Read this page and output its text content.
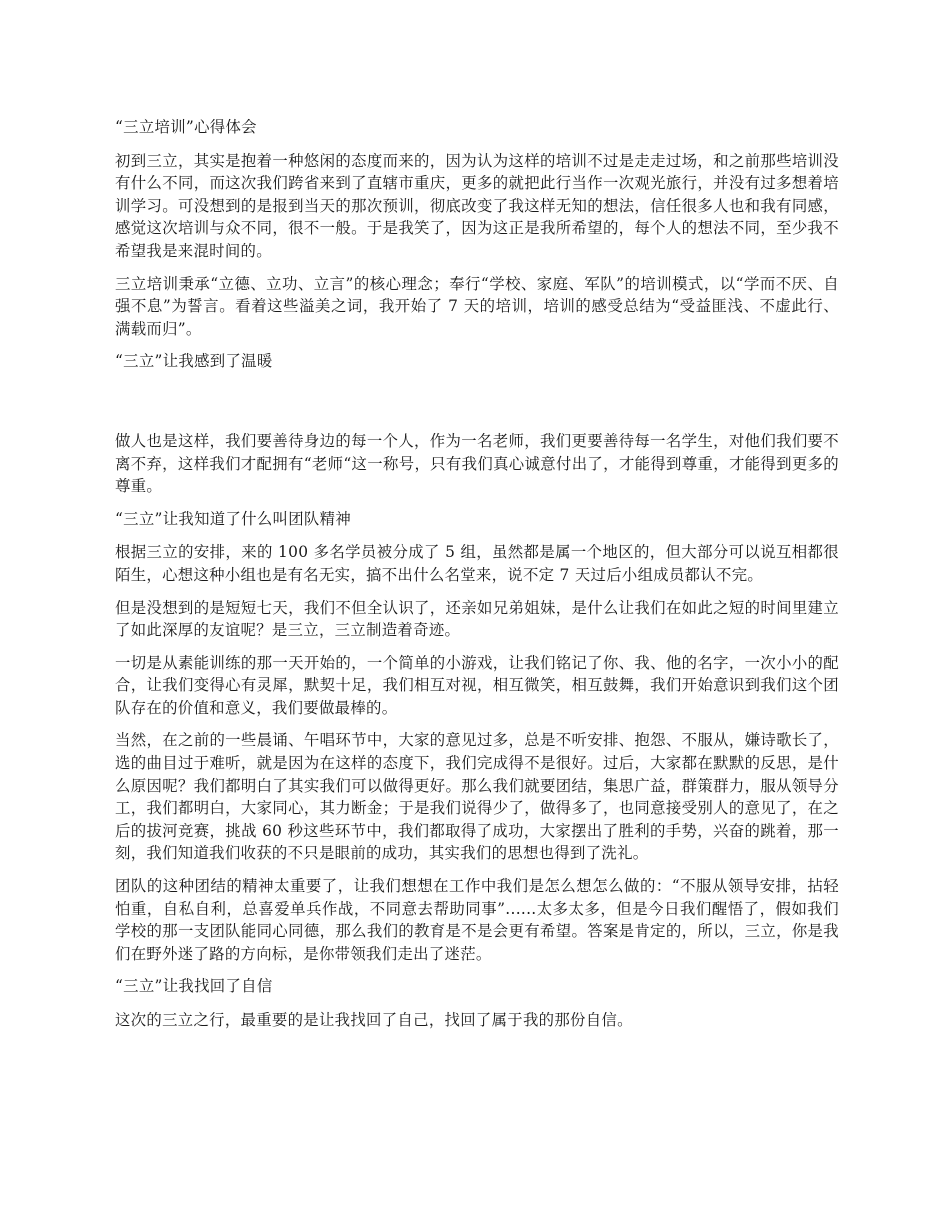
“三立培训”心得体会

初到三立，其实是抱着一种悠闲的态度而来的，因为认为这样的培训不过是走走过场，和之前那些培训没有什么不同，而这次我们跨省来到了直辖市重庆，更多的就把此行当作一次观光旅行，并没有过多想着培训学习。可没想到的是报到当天的那次预训，彻底改变了我这样无知的想法，信任很多人也和我有同感，感觉这次培训与众不同，很不一般。于是我笑了，因为这正是我所希望的，每个人的想法不同，至少我不希望我是来混时间的。

三立培训秉承“立德、立功、立言”的核心理念；奉行“学校、家庭、军队”的培训模式，以“学而不厌、自强不息”为誓言。看着这些溢美之词，我开始了 7 天的培训，培训的感受总结为“受益匪浅、不虚此行、满载而归”。

“三立”让我感到了温暖

做人也是这样，我们要善待身边的每一个人，作为一名老师，我们更要善待每一名学生，对他们我们要不离不弃，这样我们才配拥有“老师“这一称号，只有我们真心诚意付出了，才能得到尊重，才能得到更多的尊重。

“三立”让我知道了什么叫团队精神

根据三立的安排，来的 100 多名学员被分成了 5 组，虽然都是属一个地区的，但大部分可以说互相都很陌生，心想这种小组也是有名无实，搞不出什么名堂来，说不定 7 天过后小组成员都认不完。

但是没想到的是短短七天，我们不但全认识了，还亲如兄弟姐妹，是什么让我们在如此之短的时间里建立了如此深厚的友谊呢？是三立，三立制造着奇迹。

一切是从素能训练的那一天开始的，一个简单的小游戏，让我们铭记了你、我、他的名字，一次小小的配合，让我们变得心有灵犀，默契十足，我们相互对视，相互微笑，相互鼓舞，我们开始意识到我们这个团队存在的价值和意义，我们要做最棒的。

当然，在之前的一些晨诵、午唱环节中，大家的意见过多，总是不听安排、抱怨、不服从，嫌诗歌长了，选的曲目过于难听，就是因为在这样的态度下，我们完成得不是很好。过后，大家都在默默的反思，是什么原因呢？我们都明白了其实我们可以做得更好。那么我们就要团结，集思广益，群策群力，服从领导分工，我们都明白，大家同心，其力断金；于是我们说得少了，做得多了，也同意接受别人的意见了，在之后的拔河竞赛，挑战 60 秒这些环节中，我们都取得了成功，大家摆出了胜利的手势，兴奋的跳着，那一刻，我们知道我们收获的不只是眼前的成功，其实我们的思想也得到了洗礼。

团队的这种团结的精神太重要了，让我们想想在工作中我们是怎么想怎么做的：“不服从领导安排，拈轻怕重，自私自利，总喜爱单兵作战，不同意去帮助同事”......太多太多，但是今日我们醒悟了，假如我们学校的那一支团队能同心同德，那么我们的教育是不是会更有希望。答案是肯定的，所以，三立，你是我们在野外迷了路的方向标，是你带领我们走出了迷茫。

“三立”让我找回了自信

这次的三立之行，最重要的是让我找回了自己，找回了属于我的那份自信。
